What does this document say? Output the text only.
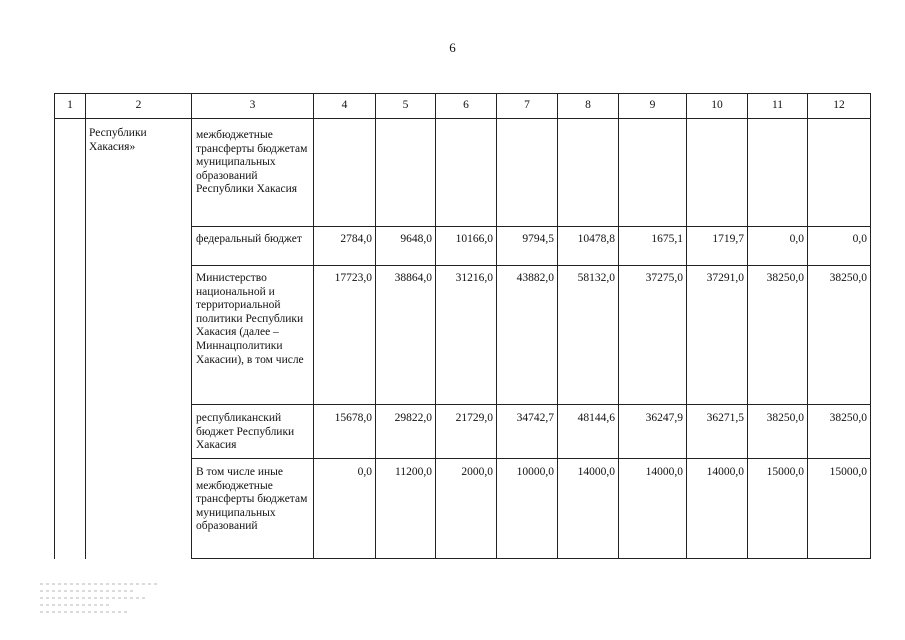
6
1	2	3	4	5	6	7	8	9	10	11	12
	Республики Хакасия»	межбюджетные трансферты бюджетам муниципальных образований Республики Хакасия									
		федеральный бюджет	2784,0	9648,0	10166,0	9794,5	10478,8	1675,1	1719,7	0,0	0,0
		Министерство национальной и территориальной политики Республики Хакасия (далее – Миннацполитики Хакасии), в том числе	17723,0	38864,0	31216,0	43882,0	58132,0	37275,0	37291,0	38250,0	38250,0
		республиканский бюджет Республики Хакасия	15678,0	29822,0	21729,0	34742,7	48144,6	36247,9	36271,5	38250,0	38250,0
		В том числе иные межбюджетные трансферты бюджетам муниципальных образований	0,0	11200,0	2000,0	10000,0	14000,0	14000,0	14000,0	15000,0	15000,0
